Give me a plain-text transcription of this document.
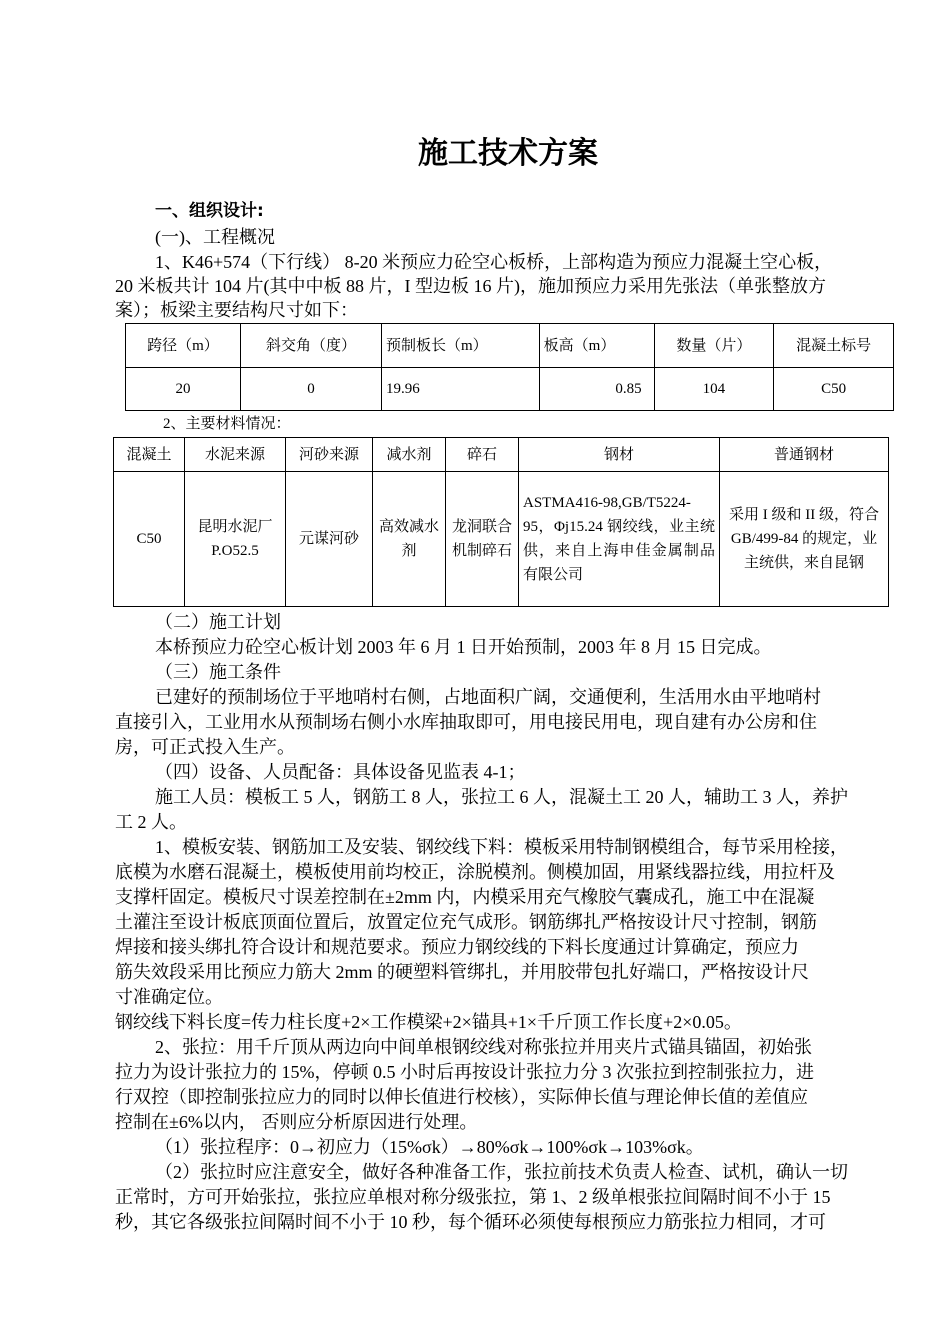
施工技术方案
一、组织设计:
(一)、工程概况
1、K46+574（下行线） 8-20 米预应力砼空心板桥，上部构造为预应力混凝土空心板，
20 米板共计 104 片(其中中板 88 片，I 型边板 16 片)，施加预应力采用先张法（单张整放方
案）；板梁主要结构尺寸如下：
跨径（m）	斜交角（度）	预制板长（m）	板高（m）	数量（片）	混凝土标号
20	0	19.96	0.85	104	C50
2、主要材料情况：
混凝土	水泥来源	河砂来源	减水剂	碎石	钢材	普通钢材
C50	昆明水泥厂 P.O52.5	元谋河砂	高效减水剂	龙洞联合机制碎石	ASTMA416-98,GB/T5224-95，Φj15.24 钢绞线，业主统供，来自上海申佳金属制品有限公司	采用 I 级和 II 级，符合 GB/499-84 的规定，业主统供，来自昆钢
（二）施工计划
本桥预应力砼空心板计划 2003 年 6 月 1 日开始预制，2003 年 8 月 15 日完成。
（三）施工条件
已建好的预制场位于平地哨村右侧，占地面积广阔，交通便利，生活用水由平地哨村
直接引入，工业用水从预制场右侧小水库抽取即可，用电接民用电，现自建有办公房和住
房，可正式投入生产。
（四）设备、人员配备：具体设备见监表 4-1；
施工人员：模板工 5 人，钢筋工 8 人，张拉工 6 人，混凝土工 20 人，辅助工 3 人，养护
工 2 人。
1、模板安装、钢筋加工及安装、钢绞线下料：模板采用特制钢模组合，每节采用栓接，
底模为水磨石混凝土，模板使用前均校正，涂脱模剂。侧模加固，用紧线器拉线，用拉杆及
支撑杆固定。模板尺寸误差控制在±2mm 内，内模采用充气橡胶气囊成孔，施工中在混凝
土灌注至设计板底顶面位置后，放置定位充气成形。钢筋绑扎严格按设计尺寸控制，钢筋
焊接和接头绑扎符合设计和规范要求。预应力钢绞线的下料长度通过计算确定，预应力
筋失效段采用比预应力筋大 2mm 的硬塑料管绑扎，并用胶带包扎好端口，严格按设计尺
寸准确定位。
钢绞线下料长度=传力柱长度+2×工作模梁+2×锚具+1×千斤顶工作长度+2×0.05。
2、张拉：用千斤顶从两边向中间单根钢绞线对称张拉并用夹片式锚具锚固，初始张
拉力为设计张拉力的 15%，停顿 0.5 小时后再按设计张拉力分 3 次张拉到控制张拉力，进
行双控（即控制张拉应力的同时以伸长值进行校核），实际伸长值与理论伸长值的差值应
控制在±6%以内， 否则应分析原因进行处理。
（1）张拉程序：0→初应力（15%σk）→80%σk→100%σk→103%σk。
（2）张拉时应注意安全，做好各种准备工作，张拉前技术负责人检查、试机，确认一切
正常时，方可开始张拉，张拉应单根对称分级张拉，第 1、2 级单根张拉间隔时间不小于 15
秒，其它各级张拉间隔时间不小于 10 秒，每个循环必须使每根预应力筋张拉力相同，才可
